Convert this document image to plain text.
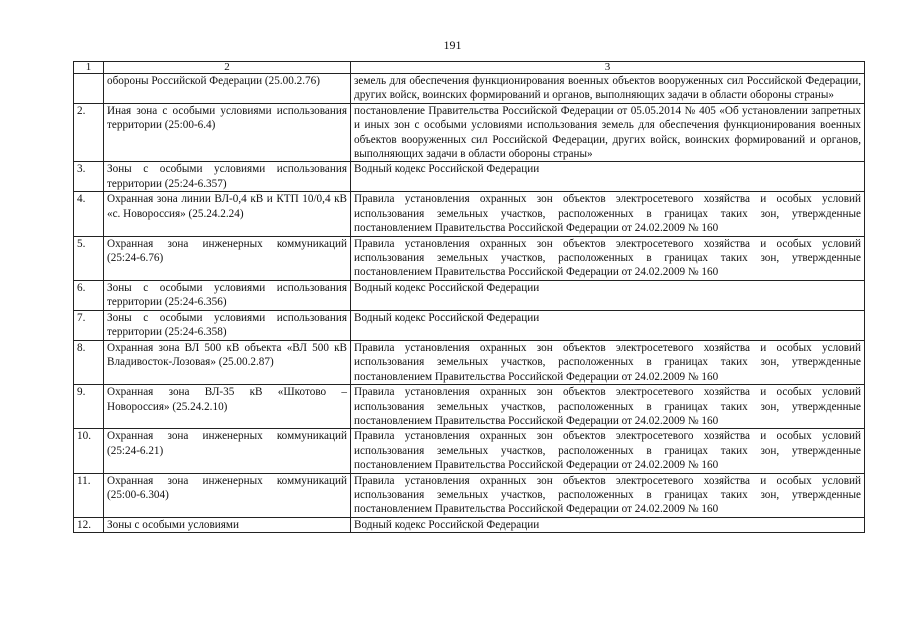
191
1	2	3
	обороны Российской Федерации (25.00.2.76)	земель для обеспечения функционирования военных объектов вооруженных сил Российской Федерации, других войск, воинских формирований и органов, выполняющих задачи в области обороны страны»
2.	Иная зона с особыми условиями использования территории (25:00-6.4)	постановление Правительства Российской Федерации от 05.05.2014 № 405 «Об установлении запретных и иных зон с особыми условиями использования земель для обеспечения функционирования военных объектов вооруженных сил Российской Федерации, других войск, воинских формирований и органов, выполняющих задачи в области обороны страны»
3.	Зоны с особыми условиями использования территории (25:24-6.357)	Водный кодекс Российской Федерации
4.	Охранная зона линии ВЛ-0,4 кВ и КТП 10/0,4 кВ «с. Новороссия» (25.24.2.24)	Правила установления охранных зон объектов электросетевого хозяйства и особых условий использования земельных участков, расположенных в границах таких зон, утвержденные постановлением Правительства Российской Федерации от 24.02.2009 № 160
5.	Охранная зона инженерных коммуникаций (25:24-6.76)	Правила установления охранных зон объектов электросетевого хозяйства и особых условий использования земельных участков, расположенных в границах таких зон, утвержденные постановлением Правительства Российской Федерации от 24.02.2009 № 160
6.	Зоны с особыми условиями использования территории (25:24-6.356)	Водный кодекс Российской Федерации
7.	Зоны с особыми условиями использования территории (25:24-6.358)	Водный кодекс Российской Федерации
8.	Охранная зона ВЛ 500 кВ объекта «ВЛ 500 кВ Владивосток-Лозовая» (25.00.2.87)	Правила установления охранных зон объектов электросетевого хозяйства и особых условий использования земельных участков, расположенных в границах таких зон, утвержденные постановлением Правительства Российской Федерации от 24.02.2009 № 160
9.	Охранная зона ВЛ-35 кВ «Шкотово – Новороссия» (25.24.2.10)	Правила установления охранных зон объектов электросетевого хозяйства и особых условий использования земельных участков, расположенных в границах таких зон, утвержденные постановлением Правительства Российской Федерации от 24.02.2009 № 160
10.	Охранная зона инженерных коммуникаций (25:24-6.21)	Правила установления охранных зон объектов электросетевого хозяйства и особых условий использования земельных участков, расположенных в границах таких зон, утвержденные постановлением Правительства Российской Федерации от 24.02.2009 № 160
11.	Охранная зона инженерных коммуникаций (25:00-6.304)	Правила установления охранных зон объектов электросетевого хозяйства и особых условий использования земельных участков, расположенных в границах таких зон, утвержденные постановлением Правительства Российской Федерации от 24.02.2009 № 160
12.	Зоны с особыми условиями	Водный кодекс Российской Федерации
